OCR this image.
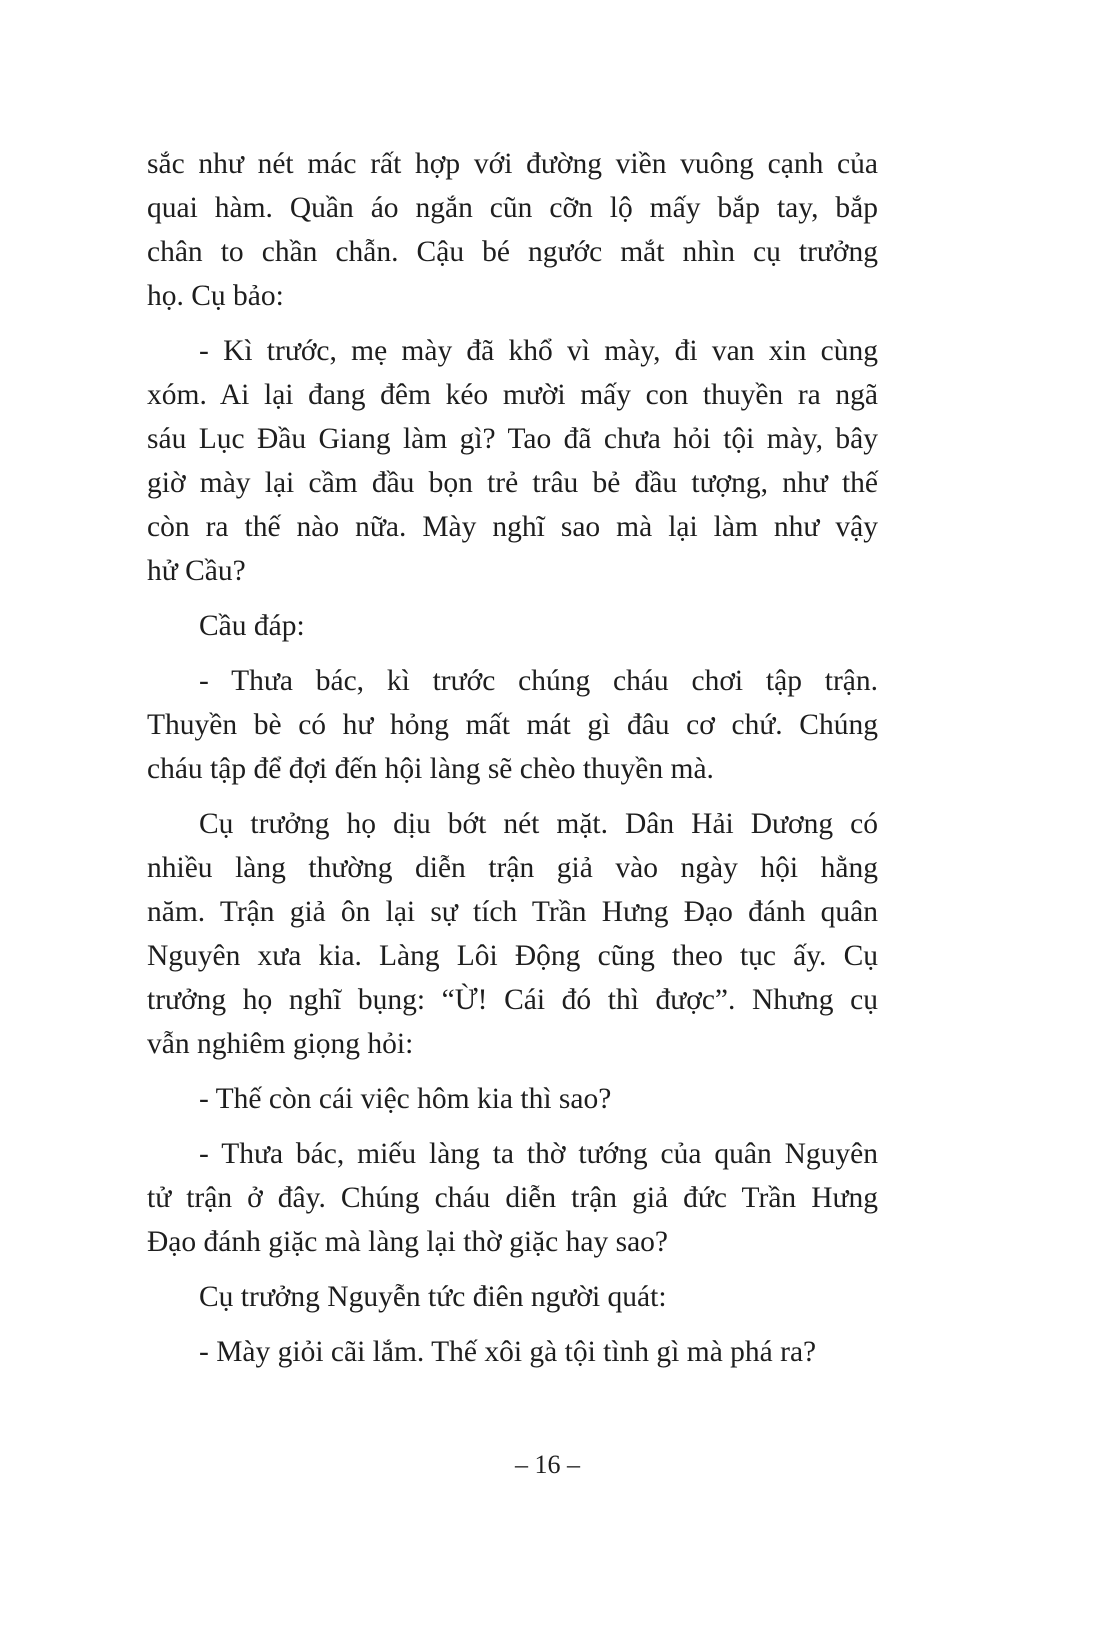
sắc như nét mác rất hợp với đường viền vuông cạnh của
quai hàm. Quần áo ngắn cũn cỡn lộ mấy bắp tay, bắp
chân to chần chẫn. Cậu bé ngước mắt nhìn cụ trưởng
họ. Cụ bảo:
- Kì trước, mẹ mày đã khổ vì mày, đi van xin cùng
xóm. Ai lại đang đêm kéo mười mấy con thuyền ra ngã
sáu Lục Đầu Giang làm gì? Tao đã chưa hỏi tội mày, bây
giờ mày lại cầm đầu bọn trẻ trâu bẻ đầu tượng, như thế
còn ra thế nào nữa. Mày nghĩ sao mà lại làm như vậy
hử Cầu?
Cầu đáp:
- Thưa bác, kì trước chúng cháu chơi tập trận.
Thuyền bè có hư hỏng mất mát gì đâu cơ chứ. Chúng
cháu tập để đợi đến hội làng sẽ chèo thuyền mà.
Cụ trưởng họ dịu bớt nét mặt. Dân Hải Dương có
nhiều làng thường diễn trận giả vào ngày hội hằng
năm. Trận giả ôn lại sự tích Trần Hưng Đạo đánh quân
Nguyên xưa kia. Làng Lôi Động cũng theo tục ấy. Cụ
trưởng họ nghĩ bụng: “Ừ! Cái đó thì được”. Nhưng cụ
vẫn nghiêm giọng hỏi:
- Thế còn cái việc hôm kia thì sao?
- Thưa bác, miếu làng ta thờ tướng của quân Nguyên
tử trận ở đây. Chúng cháu diễn trận giả đức Trần Hưng
Đạo đánh giặc mà làng lại thờ giặc hay sao?
Cụ trưởng Nguyễn tức điên người quát:
- Mày giỏi cãi lắm. Thế xôi gà tội tình gì mà phá ra?
– 16 –
